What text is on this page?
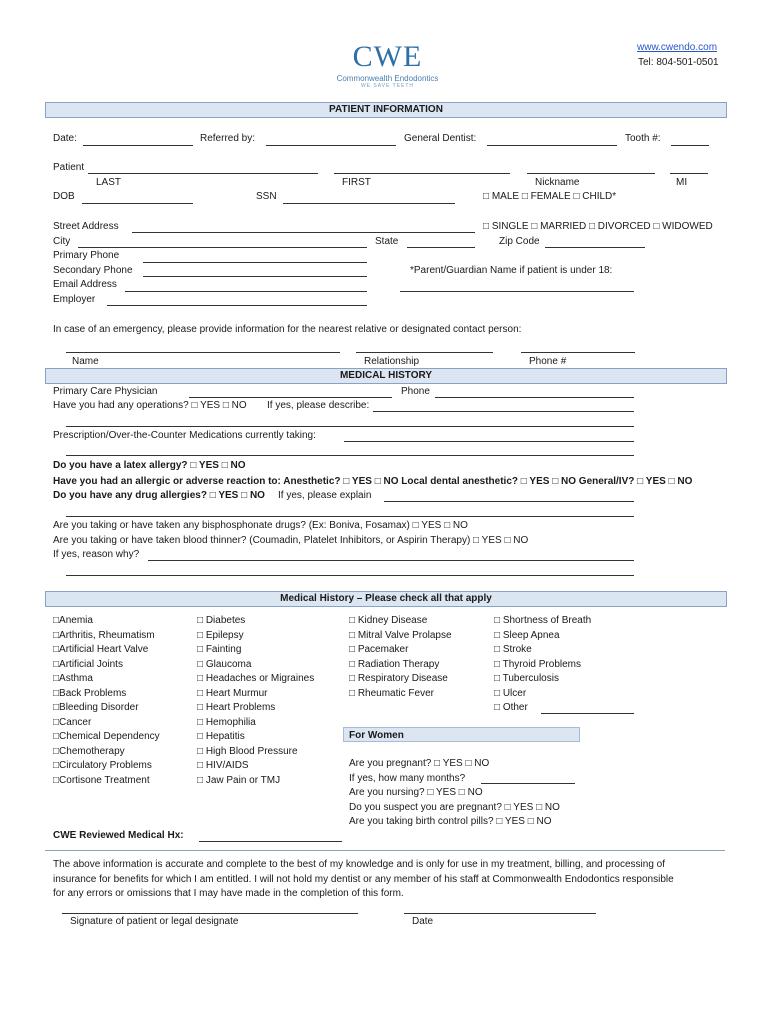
CWE
Commonwealth Endodontics
WE SAVE TEETH
www.cwendo.com
Tel: 804-501-0501
PATIENT INFORMATION
Date:	Referred by:	General Dentist:	Tooth #:
Patient
LAST	FIRST	Nickname	MI
DOB	SSN	□ MALE □ FEMALE □ CHILD*
Street Address	□ SINGLE □ MARRIED □ DIVORCED □ WIDOWED
City	State	Zip Code
Primary Phone
Secondary Phone	*Parent/Guardian Name if patient is under 18:
Email Address
Employer
In case of an emergency, please provide information for the nearest relative or designated contact person:
Name	Relationship	Phone #
MEDICAL HISTORY
Primary Care Physician	Phone
Have you had any operations? □ YES □ NO If yes, please describe:
Prescription/Over-the-Counter Medications currently taking:
Do you have a latex allergy? □ YES □ NO
Have you had an allergic or adverse reaction to: Anesthetic? □ YES □ NO Local dental anesthetic? □ YES □ NO General/IV? □ YES □ NO
Do you have any drug allergies? □ YES □ NO If yes, please explain
Are you taking or have taken any bisphosphonate drugs? (Ex: Boniva, Fosamax) □ YES □ NO
Are you taking or have taken blood thinner? (Coumadin, Platelet Inhibitors, or Aspirin Therapy) □ YES □ NO
If yes, reason why?
Medical History – Please check all that apply
□Anemia
□Arthritis, Rheumatism
□Artificial Heart Valve
□Artificial Joints
□Asthma
□Back Problems
□Bleeding Disorder
□Cancer
□Chemical Dependency
□Chemotherapy
□Circulatory Problems
□Cortisone Treatment
□ Diabetes
□ Epilepsy
□ Fainting
□ Glaucoma
□ Headaches or Migraines
□ Heart Murmur
□ Heart Problems
□ Hemophilia
□ Hepatitis
□ High Blood Pressure
□ HIV/AIDS
□ Jaw Pain or TMJ
□ Kidney Disease
□ Mitral Valve Prolapse
□ Pacemaker
□ Radiation Therapy
□ Respiratory Disease
□ Rheumatic Fever
□ Shortness of Breath
□ Sleep Apnea
□ Stroke
□ Thyroid Problems
□ Tuberculosis
□ Ulcer
□ Other
For Women
Are you pregnant? □ YES □ NO
If yes, how many months?
Are you nursing? □ YES □ NO
Do you suspect you are pregnant? □ YES □ NO
Are you taking birth control pills? □ YES □ NO
CWE Reviewed Medical Hx:
The above information is accurate and complete to the best of my knowledge and is only for use in my treatment, billing, and processing of
insurance for benefits for which I am entitled. I will not hold my dentist or any member of his staff at Commonwealth Endodontics responsible
for any errors or omissions that I may have made in the completion of this form.
Signature of patient or legal designate	Date
